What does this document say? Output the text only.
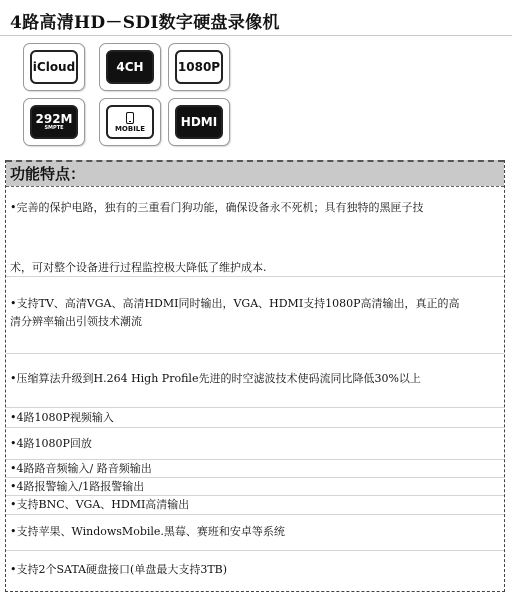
4路高清HD－SDI数字硬盘录像机
iCloud	4CH	1080P
292M
SMPTE	MOBILE	HDMI
功能特点：
•完善的保护电路，独有的三重看门狗功能，确保设备永不死机；具有独特的黑匣子技
术，可对整个设备进行过程监控极大降低了维护成本.
•支持TV、高清VGA、高清HDMI同时输出，VGA、HDMI支持1080P高清输出，真正的高
清分辨率输出引领技术潮流
•压缩算法升级到H.264 High Profile先进的时空滤波技术使码流同比降低30%以上
•4路1080P视频输入
•4路1080P回放
•4路路音频输入/ 路音频输出
•4路报警输入/1路报警输出
•支持BNC、VGA、HDMI高清输出
•支持苹果、WindowsMobile.黑莓、赛班和安卓等系统
•支持2个SATA硬盘接口(单盘最大支持3TB)
